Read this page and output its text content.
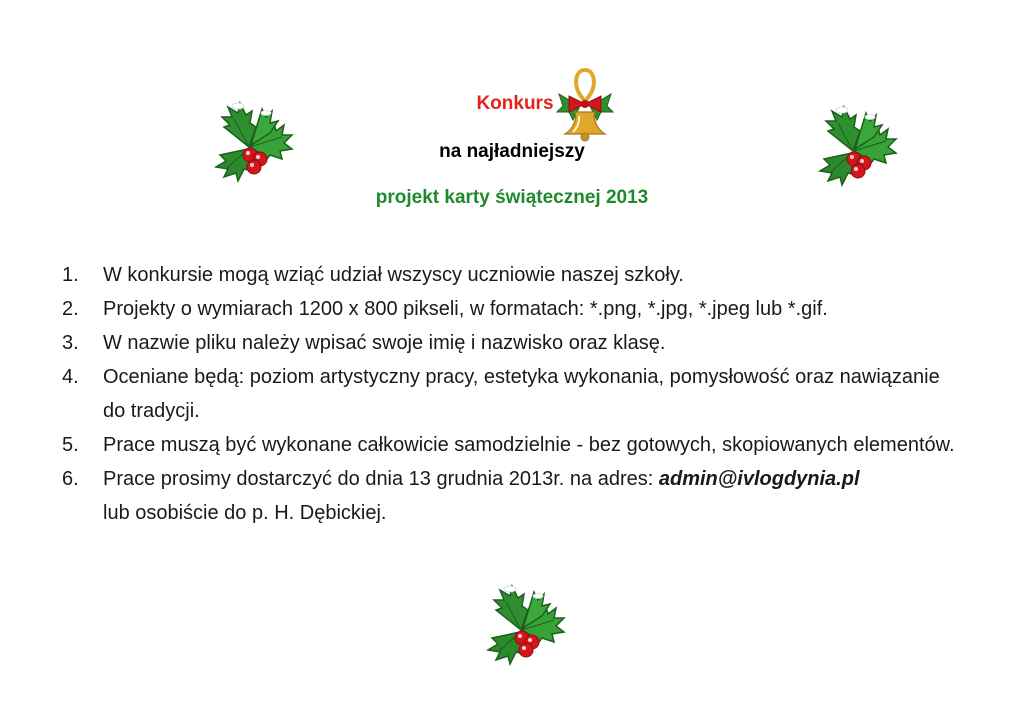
Konkurs
na najładniejszy
projekt karty świątecznej 2013
1. W konkursie mogą wziąć udział wszyscy uczniowie naszej szkoły.
2. Projekty o wymiarach 1200 x 800 pikseli, w formatach: *.png, *.jpg, *.jpeg lub *.gif.
3. W nazwie pliku należy wpisać swoje imię i nazwisko oraz klasę.
4. Oceniane będą: poziom artystyczny pracy, estetyka wykonania, pomysłowość oraz nawiązanie do tradycji.
5. Prace muszą być wykonane całkowicie samodzielnie - bez gotowych, skopiowanych elementów.
6. Prace prosimy dostarczyć do dnia 13 grudnia 2013r. na adres: admin@ivlogdynia.pl
lub osobiście do p. H. Dębickiej.
